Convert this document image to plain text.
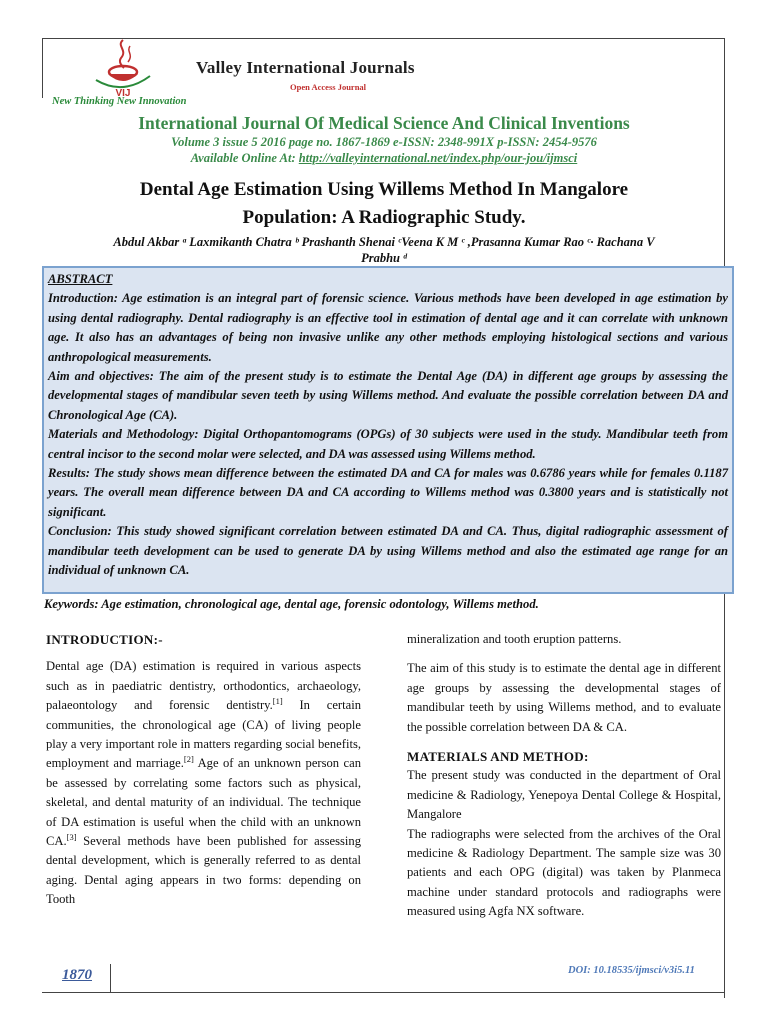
VIJ
New Thinking New Innovation
Valley International Journals
Open Access Journal
International Journal Of Medical Science And Clinical Inventions
Volume 3 issue 5 2016 page no. 1867-1869 e-ISSN: 2348-991X p-ISSN: 2454-9576
Available Online At: http://valleyinternational.net/index.php/our-jou/ijmsci
Dental Age Estimation Using Willems Method In Mangalore
Population: A Radiographic Study.
Abdul Akbar ᵃ Laxmikanth Chatra ᵇ Prashanth Shenai ᶜVeena K M ᶜ ,Prasanna Kumar Rao ᶜ· Rachana V
Prabhu ᵈ

ABSTRACT

Introduction: Age estimation is an integral part of forensic science. Various methods have been developed in age estimation by using dental radiography. Dental radiography is an effective tool in estimation of dental age and it can correlate with unknown age. It also has an advantages of being non invasive unlike any other methods employing histological sections and various anthropological measurements.

Aim and objectives: The aim of the present study is to estimate the Dental Age (DA) in different age groups by assessing the developmental stages of mandibular seven teeth by using Willems method. And evaluate the possible correlation between DA and Chronological Age (CA).

Materials and Methodology: Digital Orthopantomograms (OPGs) of 30 subjects were used in the study. Mandibular teeth from central incisor to the second molar were selected, and DA was assessed using Willems method.

Results: The study shows mean difference between the estimated DA and CA for males was 0.6786 years while for females 0.1187 years. The overall mean difference between DA and CA according to Willems method was 0.3800 years and is statistically not significant.

Conclusion: This study showed significant correlation between estimated DA and CA. Thus, digital radiographic assessment of mandibular teeth development can be used to generate DA by using Willems method and also the estimated age range for an individual of unknown CA.

Keywords: Age estimation, chronological age, dental age, forensic odontology, Willems method.

INTRODUCTION:-

Dental age (DA) estimation is required in various aspects such as in paediatric dentistry, orthodontics, archaeology, palaeontology and forensic dentistry.[1] In certain communities, the chronological age (CA) of living people play a very important role in matters regarding social benefits, employment and marriage.[2] Age of an unknown person can be assessed by correlating some factors such as physical, skeletal, and dental maturity of an individual. The technique of DA estimation is useful when the child with an unknown CA.[3] Several methods have been published for assessing dental development, which is generally referred to as dental aging. Dental aging appears in two forms: depending on Tooth

mineralization and tooth eruption patterns.

The aim of this study is to estimate the dental age in different age groups by assessing the developmental stages of mandibular teeth by using Willems method, and to evaluate the possible correlation between DA & CA.

MATERIALS AND METHOD:

The present study was conducted in the department of Oral medicine & Radiology, Yenepoya Dental College & Hospital, Mangalore

The radiographs were selected from the archives of the Oral medicine & Radiology Department. The sample size was 30 patients and each OPG (digital) was taken by Planmeca machine under standard protocols and radiographs were measured using Agfa NX software.

1870	DOI: 10.18535/ijmsci/v3i5.11
